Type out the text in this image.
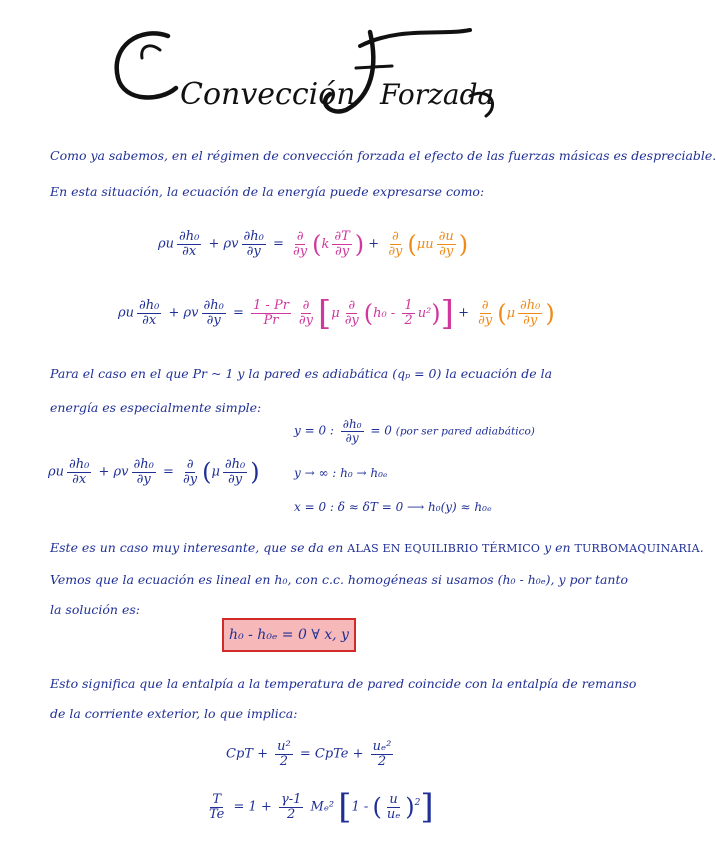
Convección Forzada
Como ya sabemos, en el régimen de convección forzada el efecto de las fuerzas másicas es despreciable.
En esta situación, la ecuación de la energía puede expresarse como:
ρu $\frac{\text{∂h₀}}{\partial x} + \rho v \frac{\text{∂h₀}}{\partial y} = \frac{\partial}{\partial y} (k \frac{\partial T}{\partial y}$ ) + $\frac{\partial}{\partial y} (\mu u \frac{\partial u}{\partial y}$ )
ρu $\frac{\text{∂h₀}}{\partial x} + \rho v \frac{\text{∂h₀}}{\partial y} = \frac{1 - Pr}{Pr} \frac{\partial}{\partial y} [\mu \frac{\partial}{\partial y} (h_0 - \frac{1}{2} u^2)] + \frac{\partial}{\partial y} (\mu \frac{\text{∂h₀}}{\partial y}$ )
Para el caso en el que Pr ~ 1 y la pared es adiabática (qₚ = 0) la ecuación de la
energía es especialmente simple:
ρu $\frac{\text{∂h₀}}{\partial x} + \rho v \frac{\text{∂h₀}}{\partial y} = \frac{\partial}{\partial y} (\mu \frac{\text{∂h₀}}{\partial y}$ )
y = 0 : $\frac{\text{∂h₀}}{\partial y} = 0$ (por ser pared adiabático)
y → ∞ : h₀ → h₀ₑ
x = 0 : δ ≈ δT = 0 ⟶ h₀(y) ≈ h₀ₑ
Este es un caso muy interesante, que se da en ALAS EN EQUILIBRIO TÉRMICO y en TURBOMAQUINARIA.
Vemos que la ecuación es lineal en h₀, con c.c. homogéneas si usamos (h₀ - h₀ₑ), y por tanto
la solución es:
h₀ - h₀ₑ = 0 ∀ x, y
Esto significa que la entalpía a la temperatura de pared coincide con la entalpía de remanso
de la corriente exterior, lo que implica:
CpT + $\frac{\text{u²}}{2}$ = CpTe + $\frac{\text{uₑ²}}{2}$
$\frac{T}{Te} = 1 + \frac{\gamma-1}{2} M_e^2$ [1 - ( $\frac{u}{\text{uₑ}} )^2$]
